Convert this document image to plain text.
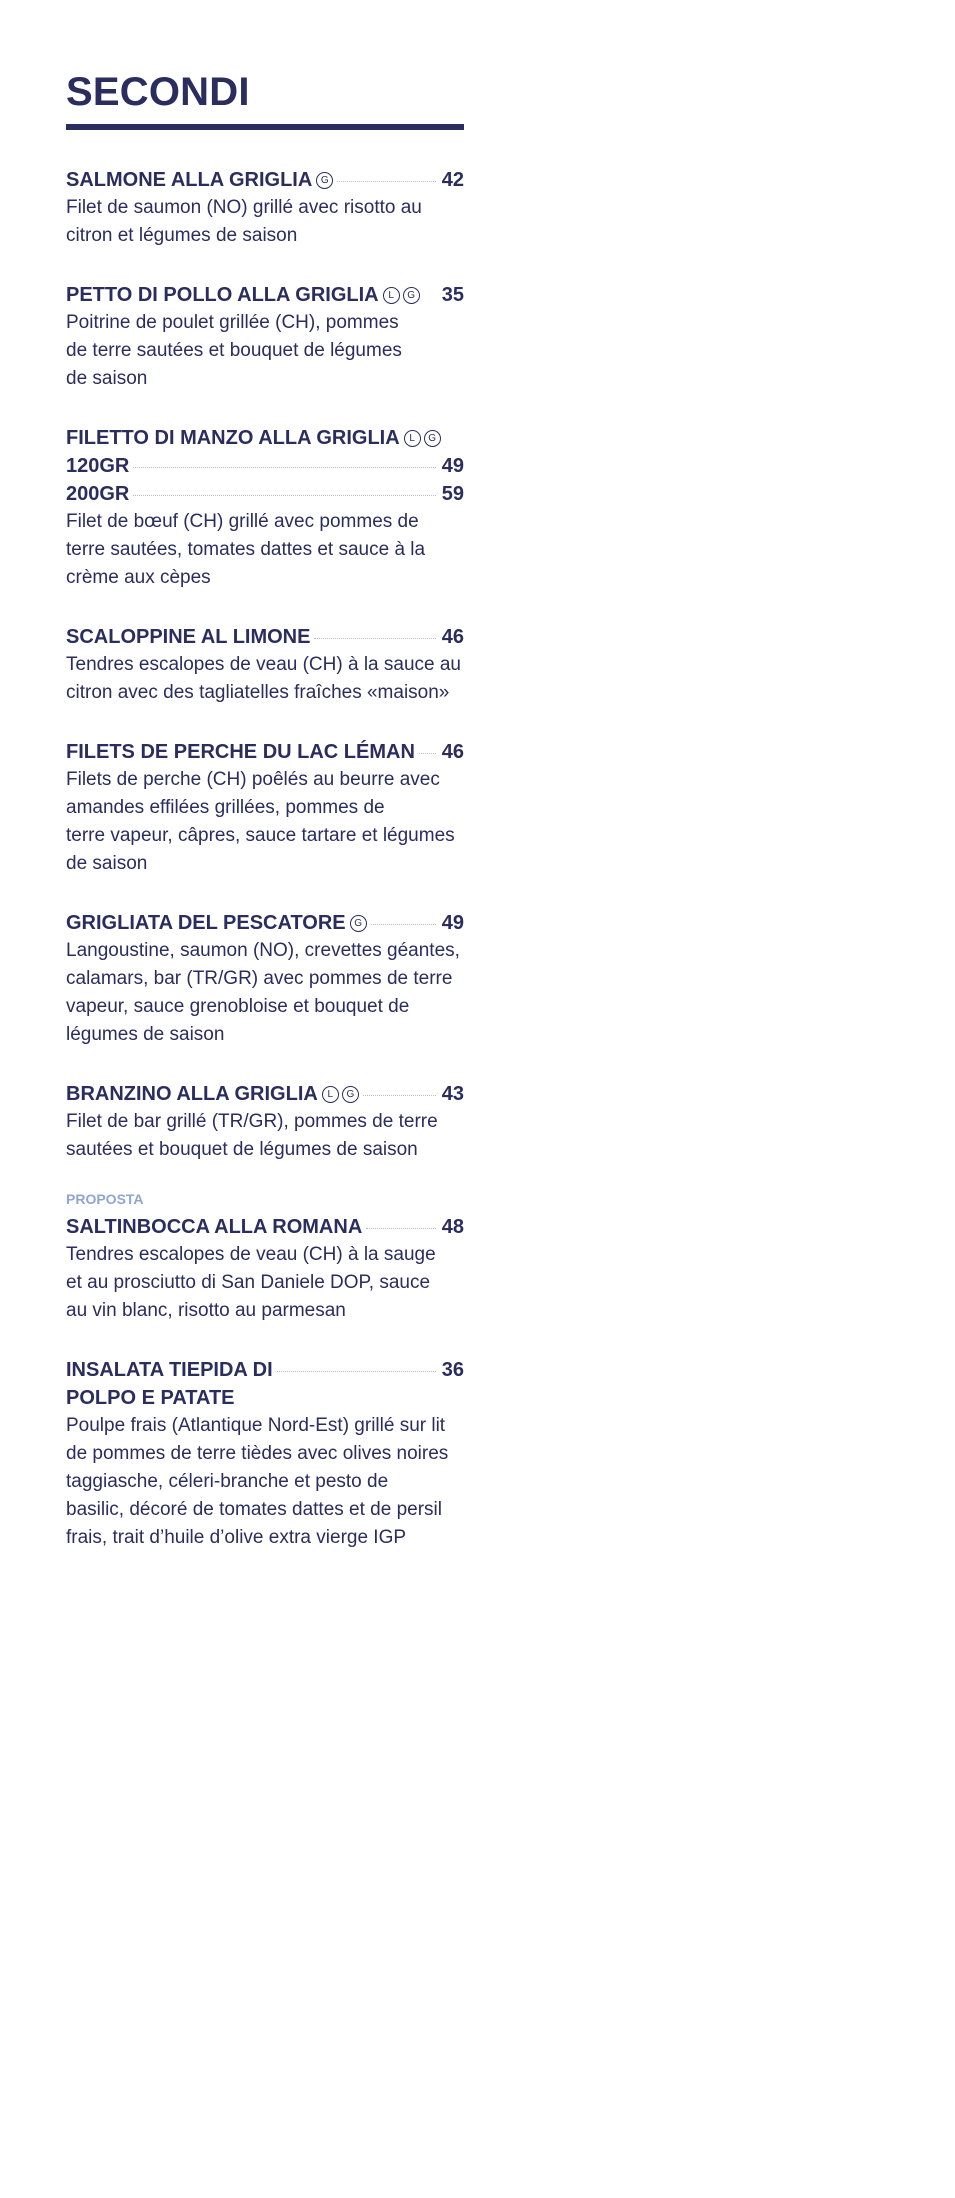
SECONDI
SALMONE ALLA GRIGLIA G	42

Filet de saumon (NO) grillé avec risotto au
citron et légumes de saison

PETTO DI POLLO ALLA GRIGLIA L G 35

Poitrine de poulet grillée (CH), pommes
de terre sautées et bouquet de légumes
de saison

FILETTO DI MANZO ALLA GRIGLIA L G
120GR	49
200GR	59

Filet de bœuf (CH) grillé avec pommes de
terre sautées, tomates dattes et sauce à la
crème aux cèpes

SCALOPPINE AL LIMONE	46

Tendres escalopes de veau (CH) à la sauce au
citron avec des tagliatelles fraîches «maison»

FILETS DE PERCHE DU LAC LÉMAN 46

Filets de perche (CH) poêlés au beurre avec
amandes effilées grillées, pommes de
terre vapeur, câpres, sauce tartare et légumes
de saison

GRIGLIATA DEL PESCATORE G	49

Langoustine, saumon (NO), crevettes géantes,
calamars, bar (TR/GR) avec pommes de terre
vapeur, sauce grenobloise et bouquet de
légumes de saison

BRANZINO ALLA GRIGLIA L G	43

Filet de bar grillé (TR/GR), pommes de terre
sautées et bouquet de légumes de saison

PROPOSTA
SALTINBOCCA ALLA ROMANA	48

Tendres escalopes de veau (CH) à la sauge
et au prosciutto di San Daniele DOP, sauce
au vin blanc, risotto au parmesan

INSALATA TIEPIDA DI	36
POLPO E PATATE

Poulpe frais (Atlantique Nord-Est) grillé sur lit
de pommes de terre tièdes avec olives noires
taggiasche, céleri-branche et pesto de
basilic, décoré de tomates dattes et de persil
frais, trait d’huile d’olive extra vierge IGP
